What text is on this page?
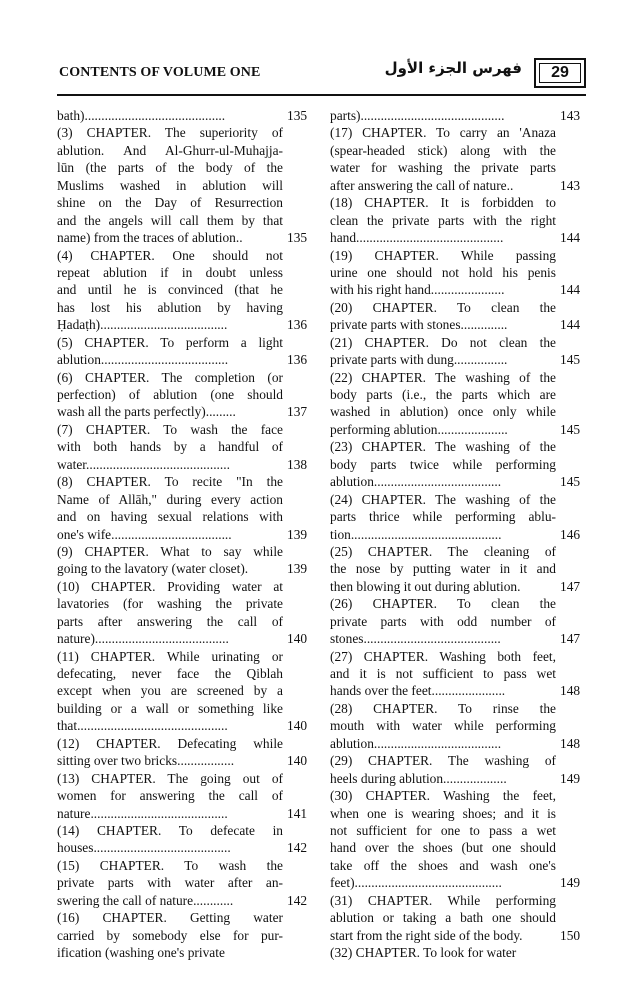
CONTENTS OF VOLUME ONE	فهرس الجزء الأول	29
bath)..........................................	135
(3) CHAPTER. The superiority of
ablution. And Al-Ghurr-ul-Muhajja-
lūn (the parts of the body of the
Muslims washed in ablution will
shine on the Day of Resurrection
and the angels will call them by that
name) from the traces of ablution..	135
(4) CHAPTER. One should not
repeat ablution if in doubt unless
and until he is convinced (that he
has lost his ablution by having
Ḥadaṭh)......................................	136
(5) CHAPTER. To perform a light
ablution......................................	136
(6) CHAPTER. The completion (or
perfection) of ablution (one should
wash all the parts perfectly).........	137
(7) CHAPTER. To wash the face
with both hands by a handful of
water...........................................	138
(8) CHAPTER. To recite "In the
Name of Allāh," during every action
and on having sexual relations with
one's wife....................................	139
(9) CHAPTER. What to say while
going to the lavatory (water closet).	139
(10) CHAPTER. Providing water at
lavatories (for washing the private
parts after answering the call of
nature)........................................	140
(11) CHAPTER. While urinating or
defecating, never face the Qiblah
except when you are screened by a
building or a wall or something like
that.............................................	140
(12) CHAPTER. Defecating while
sitting over two bricks.................	140
(13) CHAPTER. The going out of
women for answering the call of
nature.........................................	141
(14) CHAPTER. To defecate in
houses.........................................	142
(15) CHAPTER. To wash the
private parts with water after an-
swering the call of nature............	142
(16) CHAPTER. Getting water
carried by somebody else for pur-
ification (washing one's private
parts)...........................................	143
(17) CHAPTER. To carry an 'Anaza
(spear-headed stick) along with the
water for washing the private parts
after answering the call of nature..	143
(18) CHAPTER. It is forbidden to
clean the private parts with the right
hand............................................	144
(19) CHAPTER. While passing
urine one should not hold his penis
with his right hand......................	144
(20) CHAPTER. To clean the
private parts with stones..............	144
(21) CHAPTER. Do not clean the
private parts with dung................	145
(22) CHAPTER. The washing of the
body parts (i.e., the parts which are
washed in ablution) once only while
performing ablution.....................	145
(23) CHAPTER. The washing of the
body parts twice while performing
ablution......................................	145
(24) CHAPTER. The washing of the
parts thrice while performing ablu-
tion.............................................	146
(25) CHAPTER. The cleaning of
the nose by putting water in it and
then blowing it out during ablution.	147
(26) CHAPTER. To clean the
private parts with odd number of
stones.........................................	147
(27) CHAPTER. Washing both feet,
and it is not sufficient to pass wet
hands over the feet......................	148
(28) CHAPTER. To rinse the
mouth with water while performing
ablution......................................	148
(29) CHAPTER. The washing of
heels during ablution...................	149
(30) CHAPTER. Washing the feet,
when one is wearing shoes; and it is
not sufficient for one to pass a wet
hand over the shoes (but one should
take off the shoes and wash one's
feet)............................................	149
(31) CHAPTER. While performing
ablution or taking a bath one should
start from the right side of the body.	150
(32) CHAPTER. To look for water
